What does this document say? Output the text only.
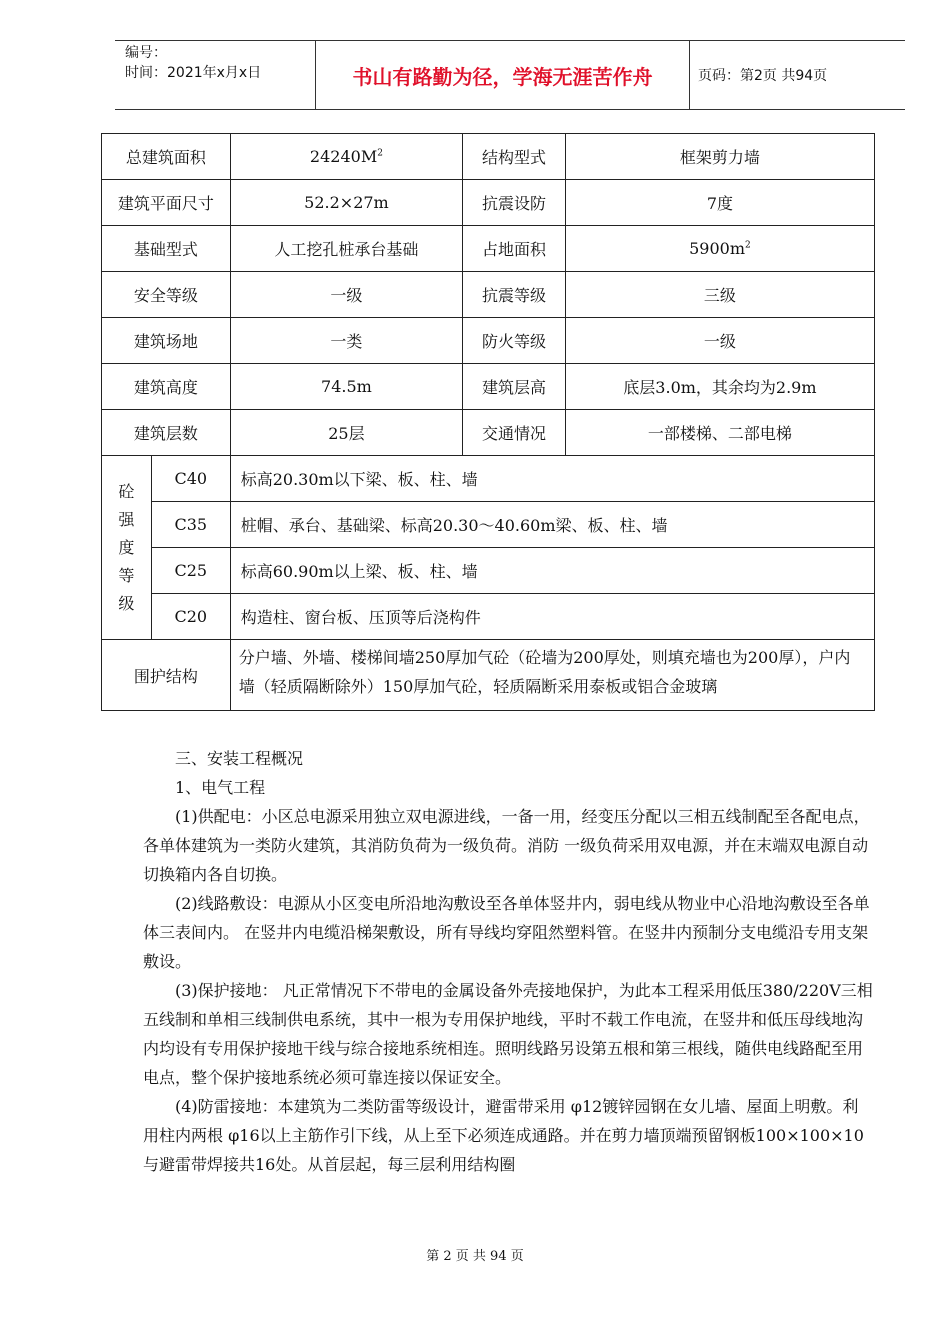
编号：
时间：2021年x月x日	书山有路勤为径，学海无涯苦作舟	页码：第2页 共94页
总建筑面积		$24240M^2$	结构型式	框架剪力墙
建筑平面尺寸		52.2×27m	抗震设防	7度
基础型式		人工挖孔桩承台基础	占地面积	$5900m^2$
安全等级		一级	抗震等级	三级
建筑场地		一类	防火等级	一级
建筑高度		74.5m	建筑层高	底层3.0m，其余均为2.9m
建筑层数		25层	交通情况	一部楼梯、二部电梯

砼
强
度
等
级	C40	标高20.30m以下梁、板、柱、墙		
	C35	桩帽、承台、基础梁、标高20.30～40.60m梁、板、柱、墙		
	C25	标高60.90m以上梁、板、柱、墙		
	C20	构造柱、窗台板、压顶等后浇构件		
围护结构		分户墙、外墙、楼梯间墙250厚加气砼（砼墙为200厚处，则填充墙也为200厚），户内墙（轻质隔断除外）150厚加气砼，轻质隔断采用泰板或铝合金玻璃		

三、安装工程概况

1、电气工程

(1)供配电：小区总电源采用独立双电源进线，一备一用，经变压分配以三相五线制配至各配电点，各单体建筑为一类防火建筑，其消防负荷为一级负荷。消防 一级负荷采用双电源，并在末端双电源自动切换箱内各自切换。

(2)线路敷设：电源从小区变电所沿地沟敷设至各单体竖井内，弱电线从物业中心沿地沟敷设至各单体三表间内。 在竖井内电缆沿梯架敷设，所有导线均穿阻然塑料管。在竖井内预制分支电缆沿专用支架敷设。

(3)保护接地： 凡正常情况下不带电的金属设备外壳接地保护，为此本工程采用低压380/220V三相五线制和单相三线制供电系统，其中一根为专用保护地线，平时不载工作电流，在竖井和低压母线地沟内均设有专用保护接地干线与综合接地系统相连。照明线路另设第五根和第三根线，随供电线路配至用电点，整个保护接地系统必须可靠连接以保证安全。

(4)防雷接地：本建筑为二类防雷等级设计，避雷带采用 φ12镀锌园钢在女儿墙、屋面上明敷。利用柱内两根 φ16以上主筋作引下线，从上至下必须连成通路。并在剪力墙顶端预留钢板100×100×10与避雷带焊接共16处。从首层起，每三层利用结构圈

第 2 页 共 94 页
